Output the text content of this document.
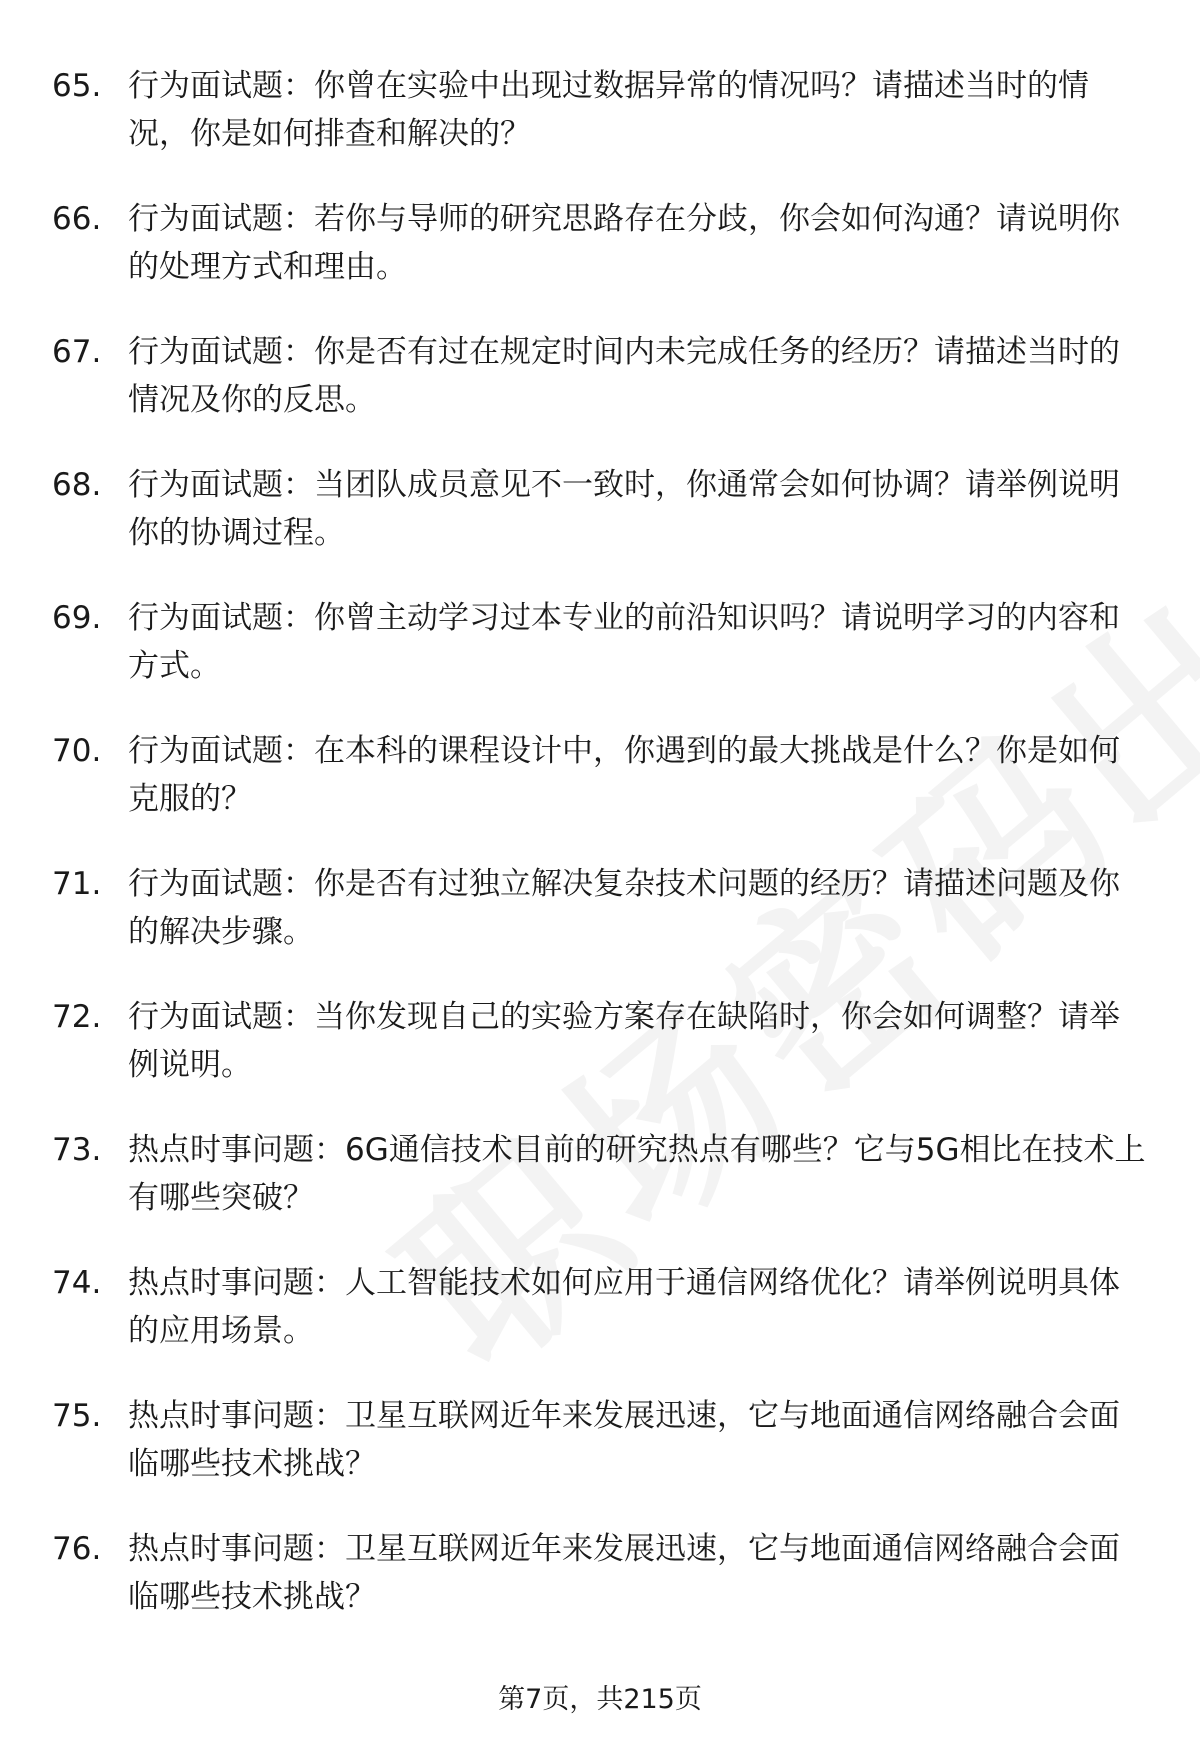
65. 行为面试题：你曾在实验中出现过数据异常的情况吗？请描述当时的情况，你是如何排查和解决的？
66. 行为面试题：若你与导师的研究思路存在分歧，你会如何沟通？请说明你的处理方式和理由。
67. 行为面试题：你是否有过在规定时间内未完成任务的经历？请描述当时的情况及你的反思。
68. 行为面试题：当团队成员意见不一致时，你通常会如何协调？请举例说明你的协调过程。
69. 行为面试题：你曾主动学习过本专业的前沿知识吗？请说明学习的内容和方式。
70. 行为面试题：在本科的课程设计中，你遇到的最大挑战是什么？你是如何克服的？
71. 行为面试题：你是否有过独立解决复杂技术问题的经历？请描述问题及你的解决步骤。
72. 行为面试题：当你发现自己的实验方案存在缺陷时，你会如何调整？请举例说明。
73. 热点时事问题：6G通信技术目前的研究热点有哪些？它与5G相比在技术上有哪些突破？
74. 热点时事问题：人工智能技术如何应用于通信网络优化？请举例说明具体的应用场景。
75. 热点时事问题：卫星互联网近年来发展迅速，它与地面通信网络融合会面临哪些技术挑战？
76. 热点时事问题：卫星互联网近年来发展迅速，它与地面通信网络融合会面临哪些技术挑战？
第7页，共215页
